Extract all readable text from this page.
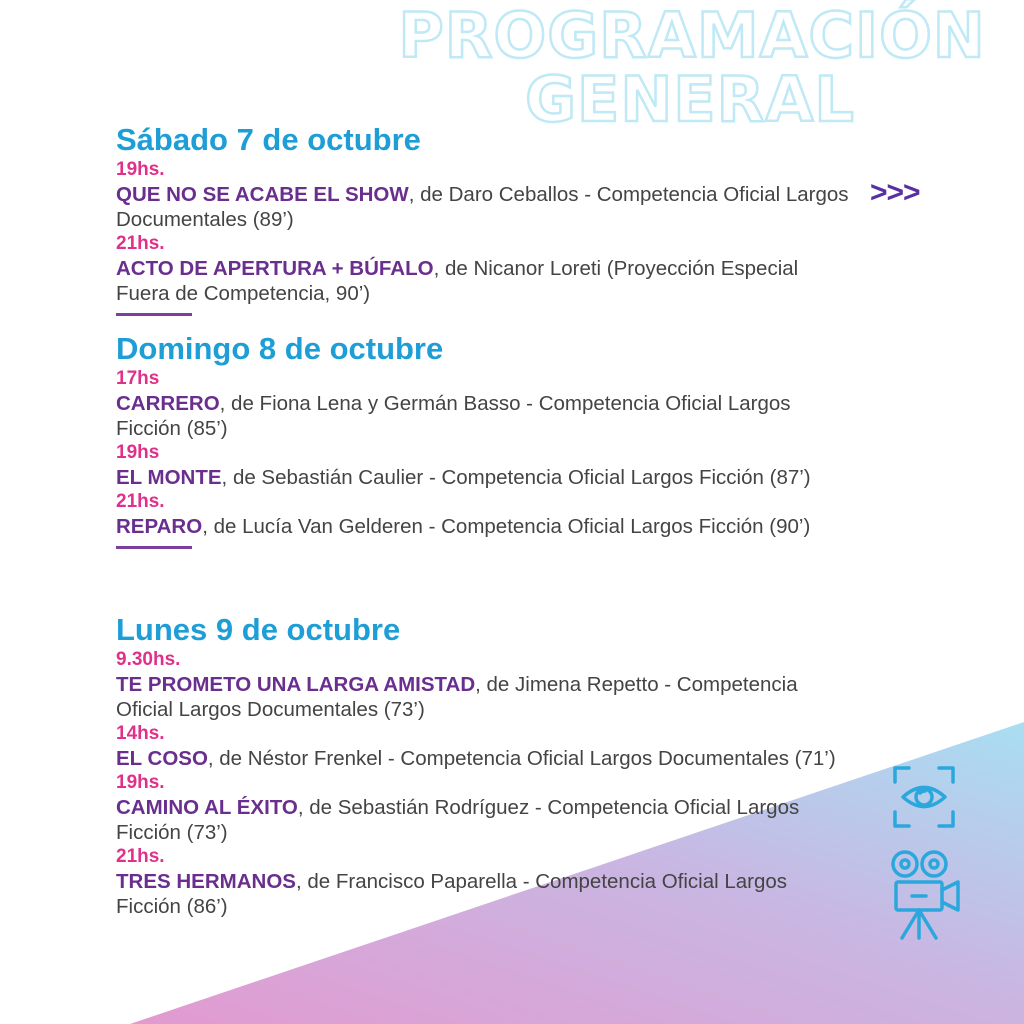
PROGRAMACIÓN
GENERAL
Sábado 7 de octubre
19hs.
QUE NO SE ACABE EL SHOW, de Daro Ceballos - Competencia Oficial Largos Documentales (89’)
21hs.
ACTO DE APERTURA + BÚFALO, de Nicanor Loreti (Proyección Especial Fuera de Competencia, 90’)
Domingo 8 de octubre
17hs
CARRERO, de Fiona Lena y Germán Basso - Competencia Oficial Largos Ficción (85’)
19hs
EL MONTE, de Sebastián Caulier - Competencia Oficial Largos Ficción (87’)
21hs.
REPARO, de Lucía Van Gelderen - Competencia Oficial Largos Ficción (90’)
Lunes 9 de octubre
9.30hs.
TE PROMETO UNA LARGA AMISTAD, de Jimena Repetto - Competencia Oficial Largos Documentales (73’)
14hs.
EL COSO, de Néstor Frenkel - Competencia Oficial Largos Documentales (71’)
19hs.
CAMINO AL ÉXITO, de Sebastián Rodríguez - Competencia Oficial Largos Ficción (73’)
21hs.
TRES HERMANOS, de Francisco Paparella - Competencia Oficial Largos Ficción (86’)
>>>
